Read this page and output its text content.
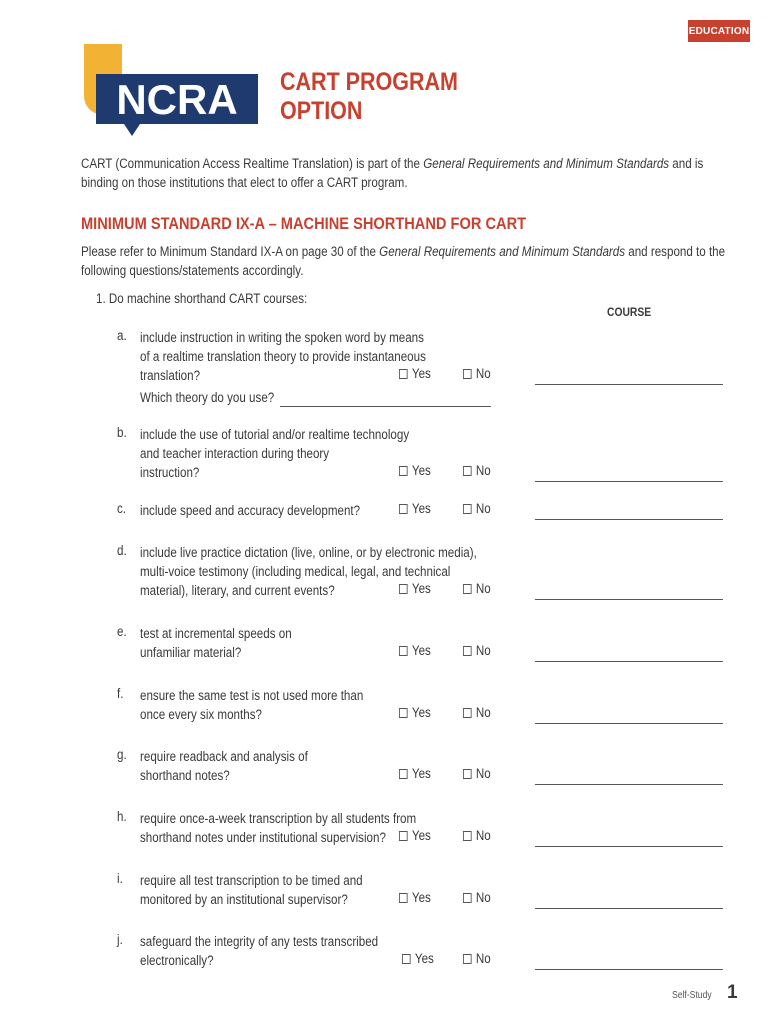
EDUCATION
NCRA CART PROGRAM
OPTION
CART (Communication Access Realtime Translation) is part of the General Requirements and Minimum Standards and is binding on those institutions that elect to offer a CART program.
MINIMUM STANDARD IX-A – MACHINE SHORTHAND FOR CART
Please refer to Minimum Standard IX-A on page 30 of the General Requirements and Minimum Standards and respond to the following questions/statements accordingly.
1. Do machine shorthand CART courses:
COURSE
a. include instruction in writing the spoken word by means
of a realtime translation theory to provide instantaneous
translation?	Yes	No
Which theory do you use?
b. include the use of tutorial and/or realtime technology
and teacher interaction during theory
instruction?	Yes	No
c. include speed and accuracy development?	Yes	No
d. include live practice dictation (live, online, or by electronic media),
multi-voice testimony (including medical, legal, and technical
material), literary, and current events?	Yes	No
e. test at incremental speeds on
unfamiliar material?	Yes	No
f. ensure the same test is not used more than
once every six months?	Yes	No
g. require readback and analysis of
shorthand notes?	Yes	No
h. require once-a-week transcription by all students from
shorthand notes under institutional supervision?	Yes	No
i. require all test transcription to be timed and
monitored by an institutional supervisor?	Yes	No
j. safeguard the integrity of any tests transcribed
electronically?	Yes	No
Self-Study 1
